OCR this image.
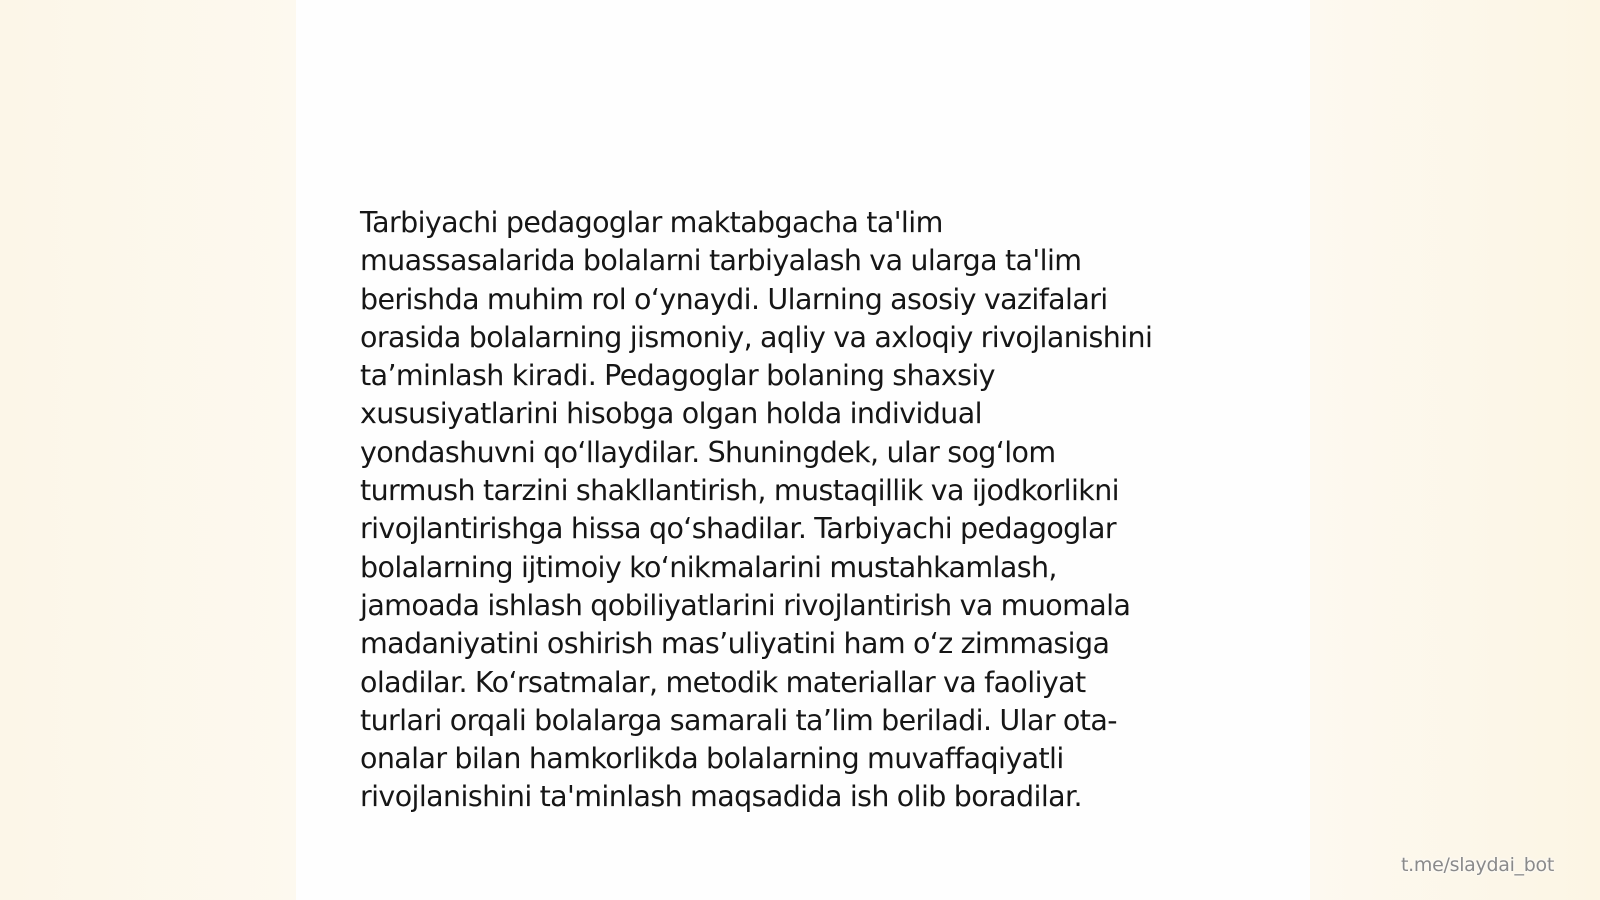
Tarbiyachi pedagoglar maktabgacha ta'lim
muassasalarida bolalarni tarbiyalash va ularga ta'lim
berishda muhim rol o‘ynaydi. Ularning asosiy vazifalari
orasida bolalarning jismoniy, aqliy va axloqiy rivojlanishini
ta’minlash kiradi. Pedagoglar bolaning shaxsiy
xususiyatlarini hisobga olgan holda individual
yondashuvni qo‘llaydilar. Shuningdek, ular sog‘lom
turmush tarzini shakllantirish, mustaqillik va ijodkorlikni
rivojlantirishga hissa qo‘shadilar. Tarbiyachi pedagoglar
bolalarning ijtimoiy ko‘nikmalarini mustahkamlash,
jamoada ishlash qobiliyatlarini rivojlantirish va muomala
madaniyatini oshirish mas’uliyatini ham o‘z zimmasiga
oladilar. Ko‘rsatmalar, metodik materiallar va faoliyat
turlari orqali bolalarga samarali ta’lim beriladi. Ular ota-
onalar bilan hamkorlikda bolalarning muvaffaqiyatli
rivojlanishini ta'minlash maqsadida ish olib boradilar.

t.me/slaydai_bot
